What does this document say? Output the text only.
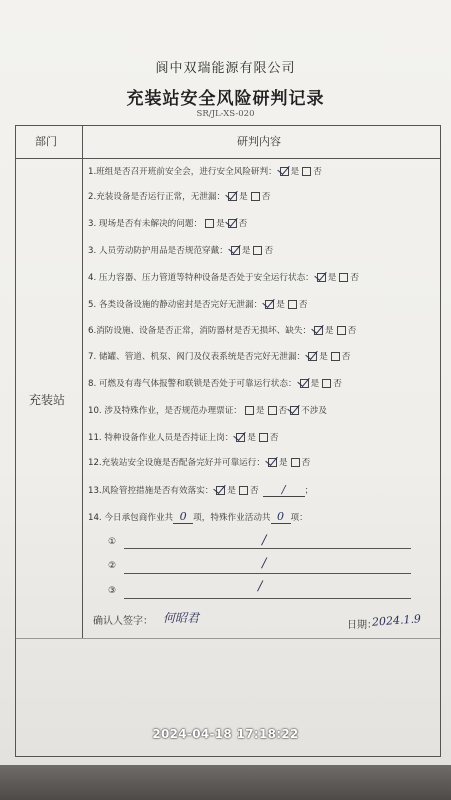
阆中双瑞能源有限公司
充装站安全风险研判记录
SR/JL-XS-020
部门	研判内容
充装站
1.班组是否召开班前安全会，进行安全风险研判： 是 否
2.充装设备是否运行正常，无泄漏： 是 否
3. 现场是否有未解决的问题： 是 否
3. 人员劳动防护用品是否规范穿戴： 是 否
4. 压力容器、压力管道等特种设备是否处于安全运行状态： 是 否
5. 各类设备设施的静动密封是否完好无泄漏： 是 否
6.消防设施、设备是否正常，消防器材是否无损坏、缺失： 是 否
7. 储罐、管道、机泵、阀门及仪表系统是否完好无泄漏： 是 否
8. 可燃及有毒气体报警和联锁是否处于可靠运行状态： 是 否
10. 涉及特殊作业，是否规范办理票证： 是 否 不涉及
11. 特种设备作业人员是否持证上岗： 是 否
12.充装站安全设施是否配备完好并可靠运行： 是 否
13.风险管控措施是否有效落实： 是 否 / ；
14. 今日承包商作业共 0 项，特殊作业活动共 0 项：
①	/
②	/
③	/
确认人签字： 何昭君
日期：
2024.1.9
2024-04-18 17:18:22
